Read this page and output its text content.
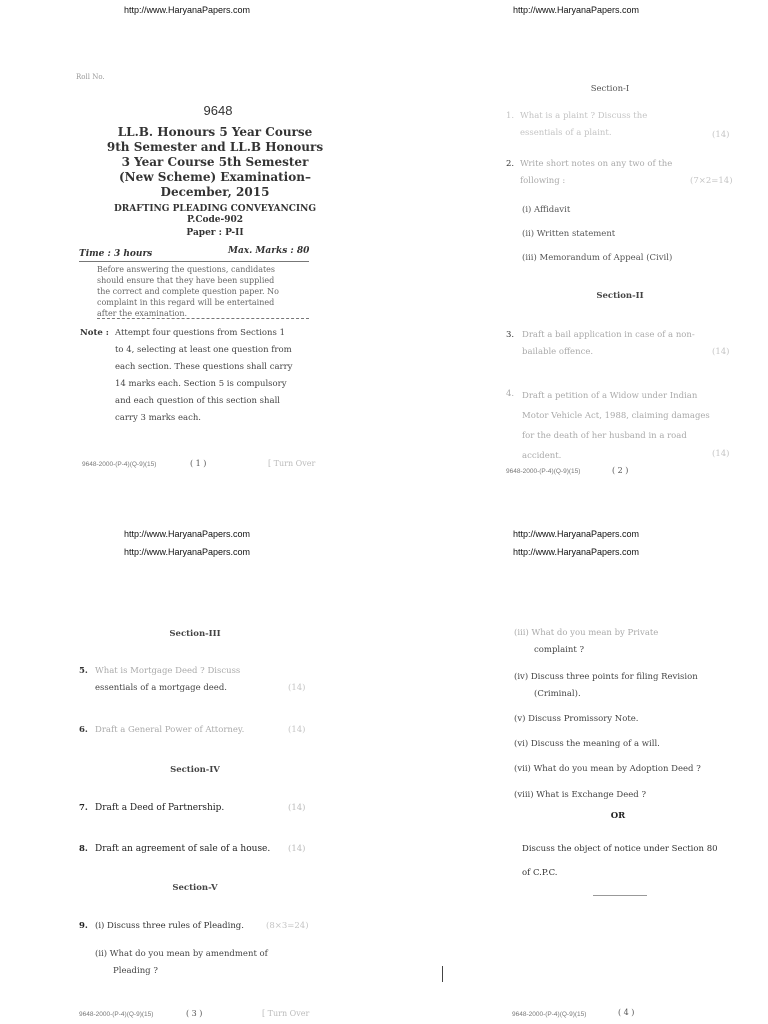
http://www.HaryanaPapers.com
Roll No.
9648
LL.B. Honours 5 Year Course
9th Semester and LL.B Honours
3 Year Course 5th Semester
(New Scheme) Examination–
December, 2015
DRAFTING PLEADING CONVEYANCING
P.Code-902
Paper : P-II
Time : 3 hours	Max. Marks : 80
Before answering the questions, candidates
should ensure that they have been supplied
the correct and complete question paper. No
complaint in this regard will be entertained
after the examination.
Note : Attempt four questions from Sections 1
to 4, selecting at least one question from
each section. These questions shall carry
14 marks each. Section 5 is compulsory
and each question of this section shall
carry 3 marks each.
9648-2000-(P-4)(Q-9)(15)	( 1 )	[ Turn Over
http://www.HaryanaPapers.com
Section-I
1. What is a plaint ? Discuss the
essentials of a plaint.	(14)
2. Write short notes on any two of the
following :	(7×2=14)
(i) Affidavit
(ii) Written statement
(iii) Memorandum of Appeal (Civil)
Section-II
3. Draft a bail application in case of a non-
bailable offence.	(14)
4. Draft a petition of a Widow under Indian
Motor Vehicle Act, 1988, claiming damages
for the death of her husband in a road
accident.	(14)
9648-2000-(P-4)(Q-9)(15)	( 2 )
http://www.HaryanaPapers.com
http://www.HaryanaPapers.com
Section-III
5. What is Mortgage Deed ? Discuss
essentials of a mortgage deed.	(14)
6. Draft a General Power of Attorney.	(14)
Section-IV
7. Draft a Deed of Partnership.	(14)
8. Draft an agreement of sale of a house. (14)
Section-V
9. (i) Discuss three rules of Pleading.	(8×3=24)
(ii) What do you mean by amendment of
Pleading ?
9648-2000-(P-4)(Q-9)(15)	( 3 )	[ Turn Over
http://www.HaryanaPapers.com
http://www.HaryanaPapers.com
(iii) What do you mean by Private
complaint ?
(iv) Discuss three points for filing Revision
(Criminal).
(v) Discuss Promissory Note.
(vi) Discuss the meaning of a will.
(vii) What do you mean by Adoption Deed ?
(viii) What is Exchange Deed ?
OR
Discuss the object of notice under Section 80
of C.P.C.
9648-2000-(P-4)(Q-9)(15)	( 4 )
